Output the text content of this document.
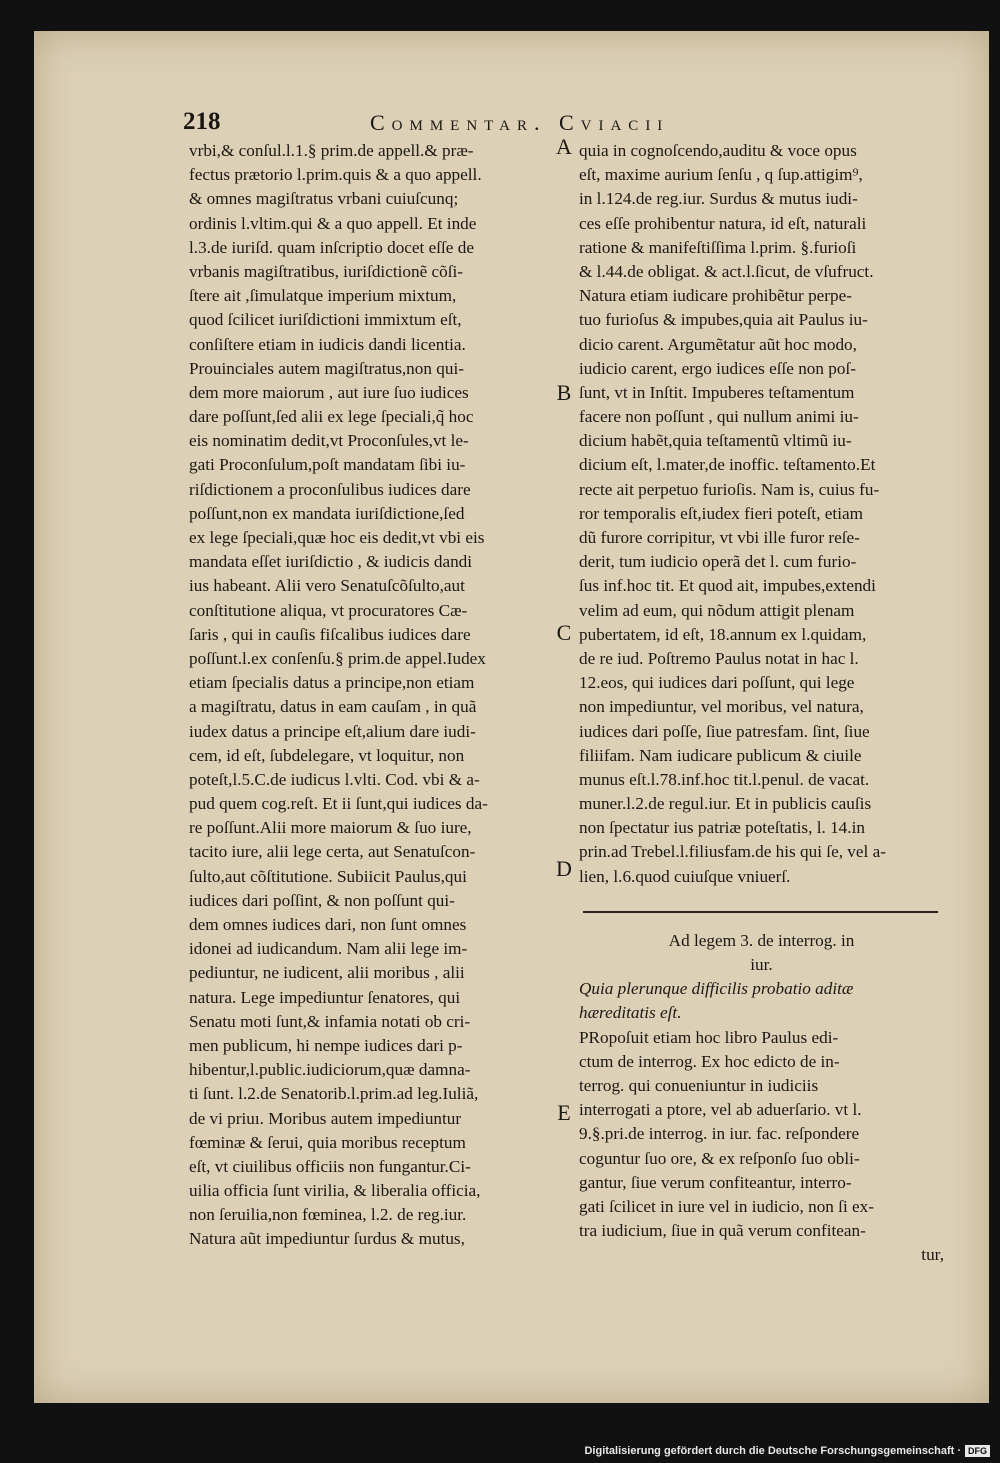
218	Commentar. Cviacii
vrbi,& conſul.l.1.§ prim.de appell.& præ-
fectus prætorio l.prim.quis & a quo appell.
& omnes magiſtratus vrbani cuiuſcunq;
ordinis l.vltim.qui & a quo appell. Et inde
l.3.de iuriſd. quam inſcriptio docet eſſe de
vrbanis magiſtratibus, iuriſdictionẽ cõſi-
ſtere ait ,ſimulatque imperium mixtum,
quod ſcilicet iuriſdictioni immixtum eſt,
conſiſtere etiam in iudicis dandi licentia.
Prouinciales autem magiſtratus,non qui-
dem more maiorum , aut iure ſuo iudices
dare poſſunt,ſed alii ex lege ſpeciali,q̃ hoc
eis nominatim dedit,vt Proconſules,vt le-
gati Proconſulum,poſt mandatam ſibi iu-
riſdictionem a proconſulibus iudices dare
poſſunt,non ex mandata iuriſdictione,ſed
ex lege ſpeciali,quæ hoc eis dedit,vt vbi eis
mandata eſſet iuriſdictio , & iudicis dandi
ius habeant. Alii vero Senatuſcõſulto,aut
conſtitutione aliqua, vt procuratores Cæ-
ſaris , qui in cauſis fiſcalibus iudices dare
poſſunt.l.ex conſenſu.§ prim.de appel.Iudex
etiam ſpecialis datus a principe,non etiam
a magiſtratu, datus in eam cauſam , in quã
iudex datus a principe eſt,alium dare iudi-
cem, id eſt, ſubdelegare, vt loquitur, non
poteſt,l.5.C.de iudicus l.vlti. Cod. vbi & a-
pud quem cog.reſt. Et ii ſunt,qui iudices da-
re poſſunt.Alii more maiorum & ſuo iure,
tacito iure, alii lege certa, aut Senatuſcon-
ſulto,aut cõſtitutione. Subiicit Paulus,qui
iudices dari poſſint, & non poſſunt qui-
dem omnes iudices dari, non ſunt omnes
idonei ad iudicandum. Nam alii lege im-
pediuntur, ne iudicent, alii moribus , alii
natura. Lege impediuntur ſenatores, qui
Senatu moti ſunt,& infamia notati ob cri-
men publicum, hi nempe iudices dari p-
hibentur,l.public.iudiciorum,quæ damna-
ti ſunt. l.2.de Senatorib.l.prim.ad leg.Iuliã,
de vi priuı. Moribus autem impediuntur
fœminæ & ſerui, quia moribus receptum
eſt, vt ciuilibus officiis non fungantur.Ci-
uilia officia ſunt virilia, & liberalia officia,
non ſeruilia,non fœminea, l.2. de reg.iur.
Natura aũt impediuntur ſurdus & mutus,
quia in cognoſcendo,auditu & voce opus
eſt, maxime aurium ſenſu , q ſup.attigim⁹,
in l.124.de reg.iur. Surdus & mutus iudi-
ces eſſe prohibentur natura, id eſt, naturali
ratione & manifeſtiſſima l.prim. §.furioſi
& l.44.de obligat. & act.l.ſicut, de vſufruct.
Natura etiam iudicare prohibẽtur perpe-
tuo furioſus & impubes,quia ait Paulus iu-
dicio carent. Argumẽtatur aũt hoc modo,
iudicio carent, ergo iudices eſſe non poſ-
ſunt, vt in Inſtit. Impuberes teſtamentum
facere non poſſunt , qui nullum animi iu-
dicium habẽt,quia teſtamentũ vltimũ iu-
dicium eſt, l.mater,de inoffic. teſtamento.Et
recte ait perpetuo furioſis. Nam is, cuius fu-
ror temporalis eſt,iudex fieri poteſt, etiam
dũ furore corripitur, vt vbi ille furor reſe-
derit, tum iudicio operã det l. cum furio-
ſus inf.hoc tit. Et quod ait, impubes,extendi
velim ad eum, qui nõdum attigit plenam
pubertatem, id eſt, 18.annum ex l.quidam,
de re iud. Poſtremo Paulus notat in hac l.
12.eos, qui iudices dari poſſunt, qui lege
non impediuntur, vel moribus, vel natura,
iudices dari poſſe, ſiue patresfam. ſint, ſiue
filiifam. Nam iudicare publicum & ciuile
munus eſt.l.78.inf.hoc tit.l.penul. de vacat.
muner.l.2.de regul.iur. Et in publicis cauſis
non ſpectatur ius patriæ poteſtatis, l. 14.in
prin.ad Trebel.l.filiusfam.de his qui ſe, vel a-
lien, l.6.quod cuiuſque vniuerſ.
Ad legem 3. de interrog. in
iur.
Quia plerunque difficilis probatio aditæ
hæreditatis eſt.
PRopoſuit etiam hoc libro Paulus edi-
ctum de interrog. Ex hoc edicto de in-
terrog. qui conueniuntur in iudiciis
interrogati a ptore, vel ab aduerſario. vt l.
9.§.pri.de interrog. in iur. fac. reſpondere
coguntur ſuo ore, & ex reſponſo ſuo obli-
gantur, ſiue verum confiteantur, interro-
gati ſcilicet in iure vel in iudicio, non ſi ex-
tra iudicium, ſiue in quã verum confitean-
tur,
A
B
C
D
E
Digitalisierung gefördert durch die Deutsche Forschungsgemeinschaft · DFG
